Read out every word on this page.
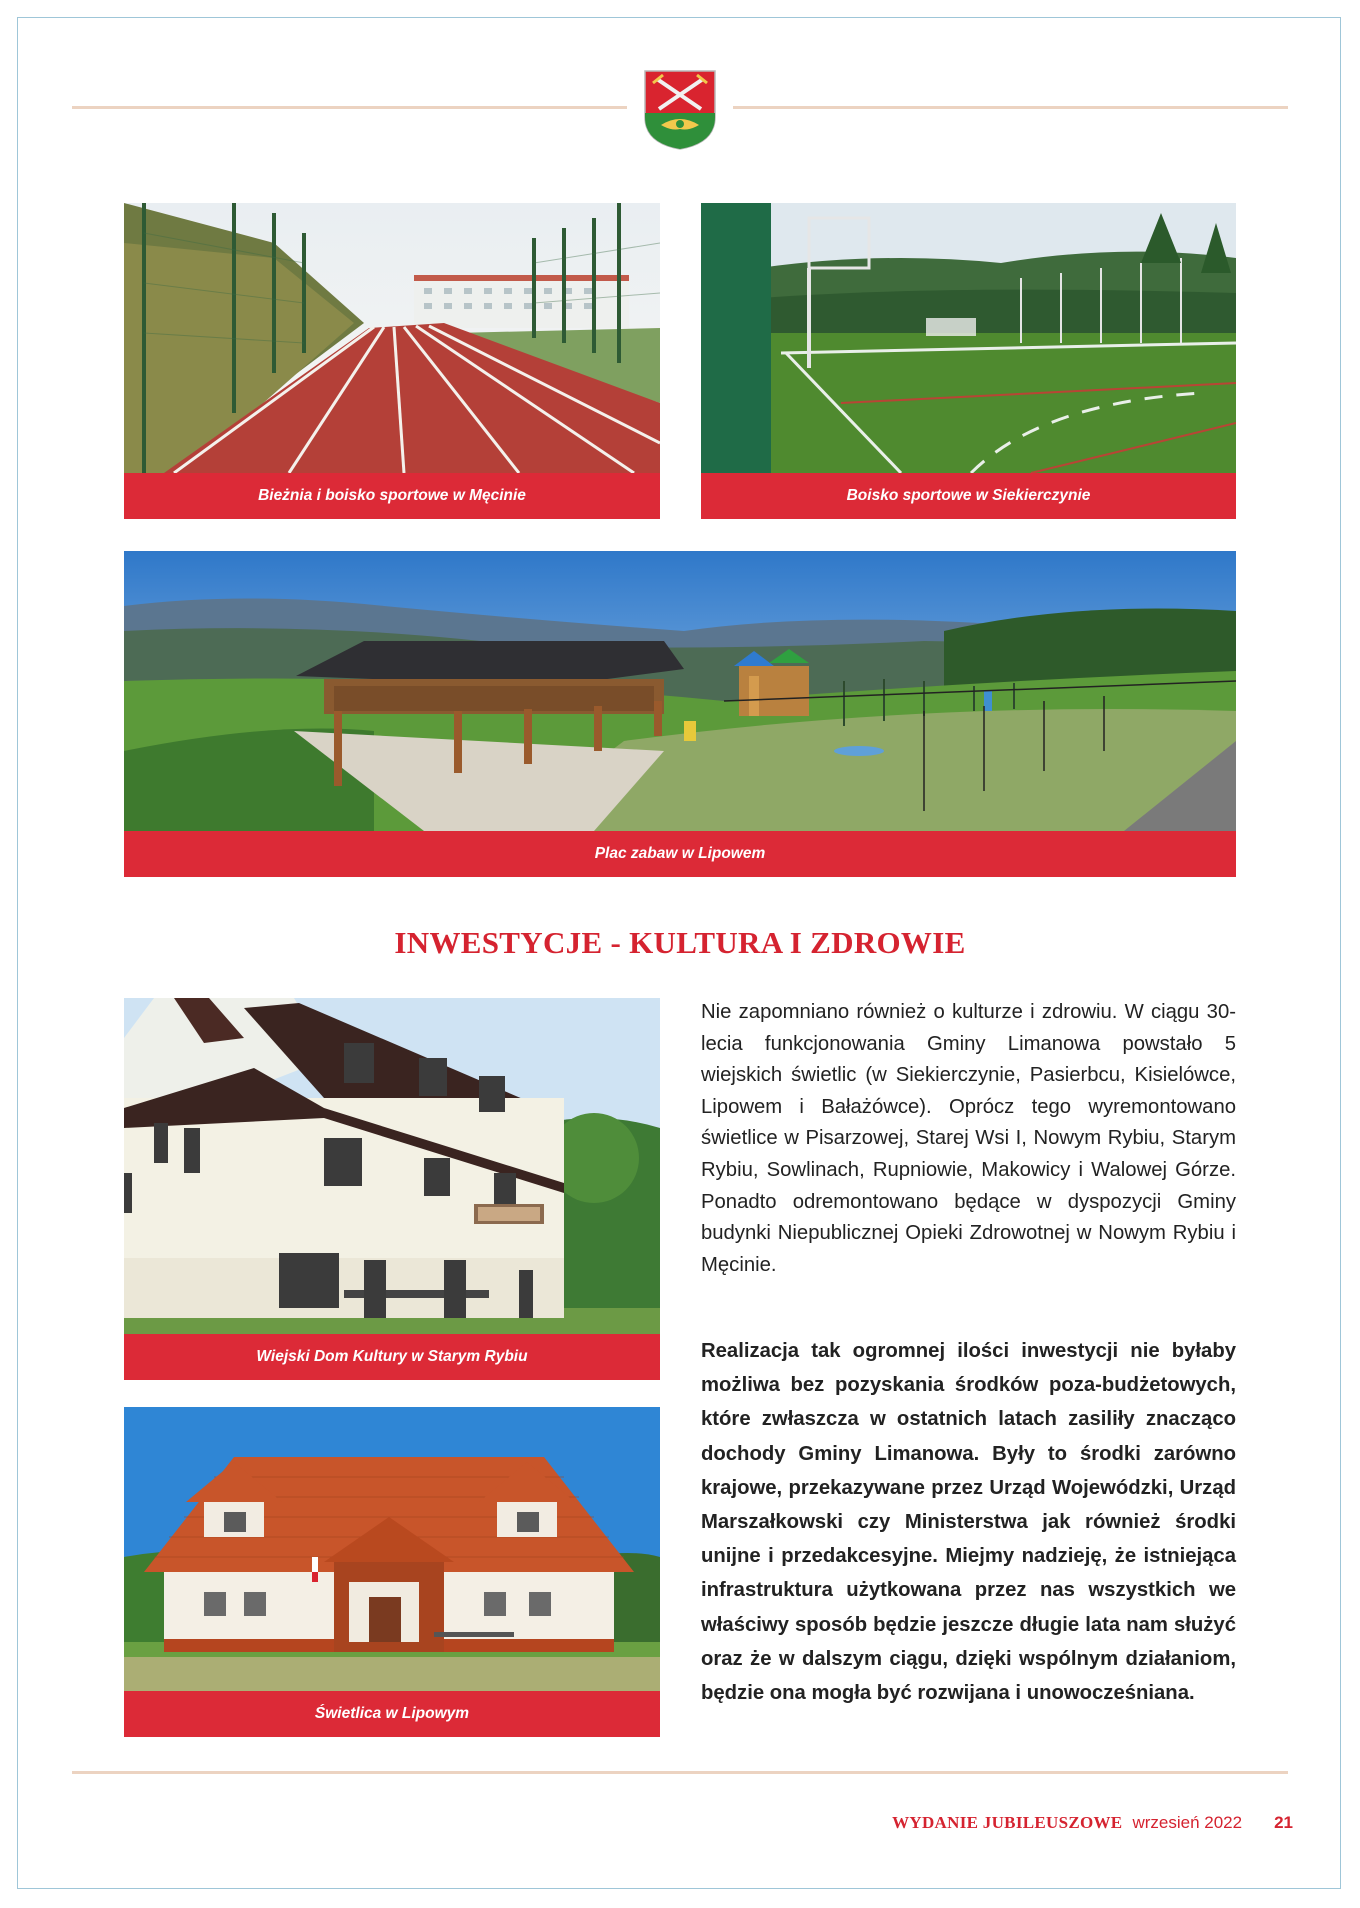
Bieżnia i boisko sportowe w Męcinie	Boisko sportowe w Siekierczynie
Plac zabaw w Lipowem
INWESTYCJE - KULTURA I ZDROWIE
Wiejski Dom Kultury w Starym Rybiu
Świetlica w Lipowym

Nie zapomniano również o kulturze i zdrowiu. W ciągu 30-lecia funkcjonowania Gminy Limanowa powstało 5 wiejskich świetlic (w Siekierczynie, Pasierbcu, Kisielówce, Lipowem i Bałażówce). Oprócz tego wyremontowano świetlice w Pisarzowej, Starej Wsi I, Nowym Rybiu, Starym Rybiu, Sowlinach, Rupniowie, Makowicy i Walowej Górze. Ponadto odremontowano będące w dyspozycji Gminy budynki Niepublicznej Opieki Zdrowotnej w Nowym Rybiu i Męcinie.

Realizacja tak ogromnej ilości inwestycji nie byłaby możliwa bez pozyskania środków poza-budżetowych, które zwłaszcza w ostatnich latach zasiliły znacząco dochody Gminy Limanowa. Były to środki zarówno krajowe, przekazywane przez Urząd Wojewódzki, Urząd Marszałkowski czy Ministerstwa jak również środki unijne i przedakcesyjne. Miejmy nadzieję, że istniejąca infrastruktura użytkowana przez nas wszystkich we właściwy sposób będzie jeszcze długie lata nam służyć oraz że w dalszym ciągu, dzięki wspólnym działaniom, będzie ona mogła być rozwijana i unowocześniana.

WYDANIE JUBILEUSZOWE wrzesień 2022 21
